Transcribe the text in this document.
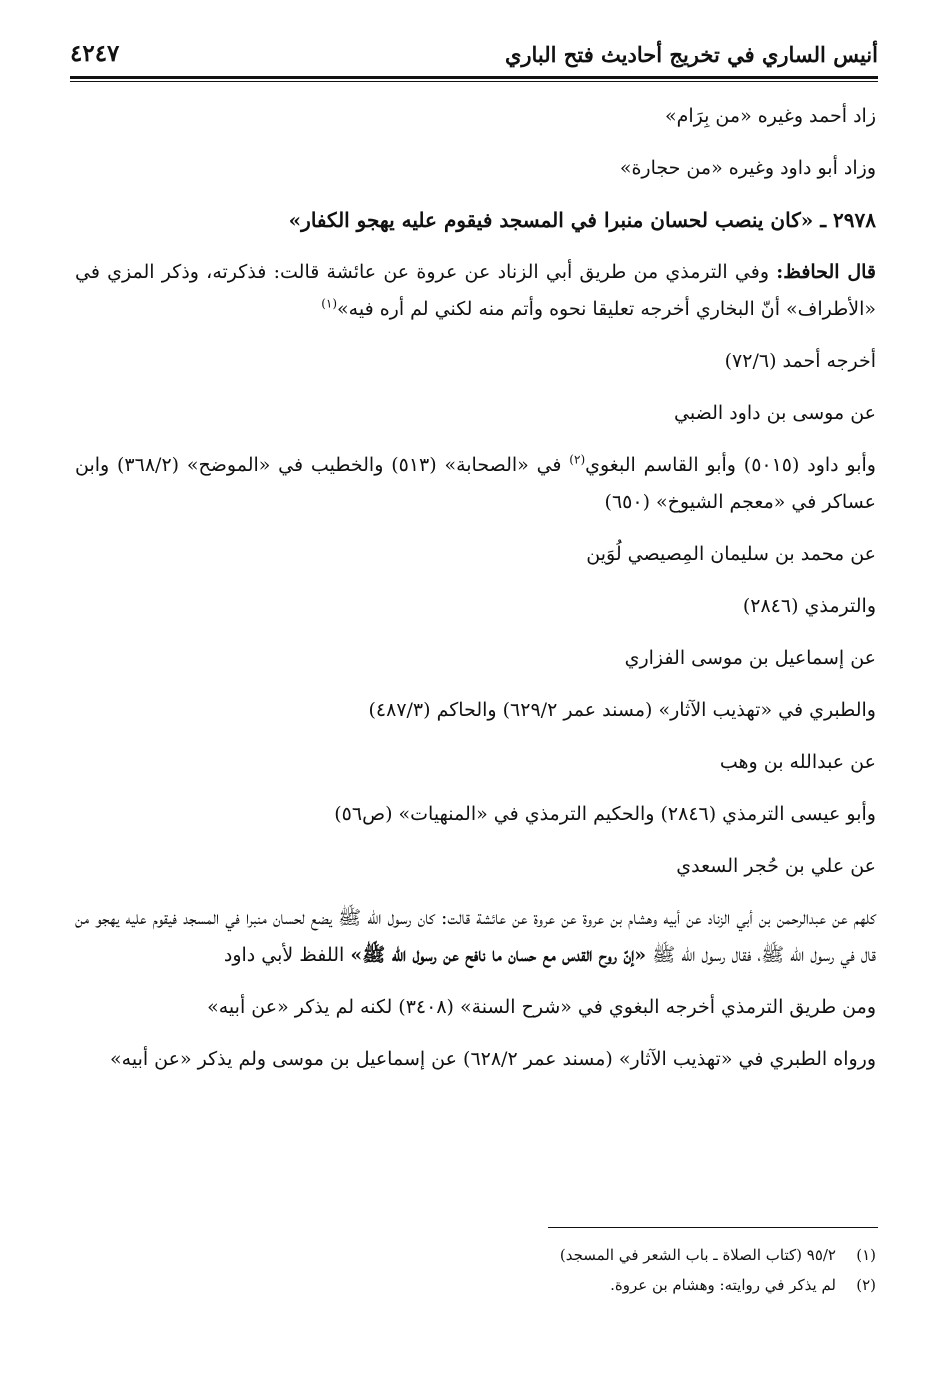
أنيس الساري في تخريج أحاديث فتح الباري
٤٢٤٧

زاد أحمد وغيره «من بِرَام»

وزاد أبو داود وغيره «من حجارة»

٢٩٧٨ ـ «كان ينصب لحسان منبرا في المسجد فيقوم عليه يهجو الكفار»

قال الحافظ: وفي الترمذي من طريق أبي الزناد عن عروة عن عائشة قالت: فذكرته، وذكر المزي في «الأطراف» أنّ البخاري أخرجه تعليقا نحوه وأتم منه لكني لم أره فيه»$^{(١)}$

أخرجه أحمد (٧٢/٦)

عن موسى بن داود الضبي

وأبو داود (٥٠١٥) وأبو القاسم البغوي$^{(٢)}$ في «الصحابة» (٥١٣) والخطيب في «الموضح» (٣٦٨/٢) وابن عساكر في «معجم الشيوخ» (٦٥٠)

عن محمد بن سليمان المِصيصي لُوَين

والترمذي (٢٨٤٦)

عن إسماعيل بن موسى الفزاري

والطبري في «تهذيب الآثار» (مسند عمر ٦٢٩/٢) والحاكم (٤٨٧/٣)

عن عبدالله بن وهب

وأبو عيسى الترمذي (٢٨٤٦) والحكيم الترمذي في «المنهيات» (ص٥٦)

عن علي بن حُجر السعدي

كلهم عن عبدالرحمن بن أبي الزناد عن أبيه وهشام بن عروة عن عروة عن عائشة قالت: كان رسول الله ﷺ يضع لحسان منبرا في المسجد فيقوم عليه يهجو من قال في رسول الله ﷺ، فقال رسول الله ﷺ «إنّ روح القدس مع حسان ما نافح عن رسول الله ﷺ» اللفظ لأبي داود

ومن طريق الترمذي أخرجه البغوي في «شرح السنة» (٣٤٠٨) لكنه لم يذكر «عن أبيه»

ورواه الطبري في «تهذيب الآثار» (مسند عمر ٦٢٨/٢) عن إسماعيل بن موسى ولم يذكر «عن أبيه»

(١)٩٥/٢ (كتاب الصلاة ـ باب الشعر في المسجد)
(٢)لم يذكر في روايته: وهشام بن عروة.
